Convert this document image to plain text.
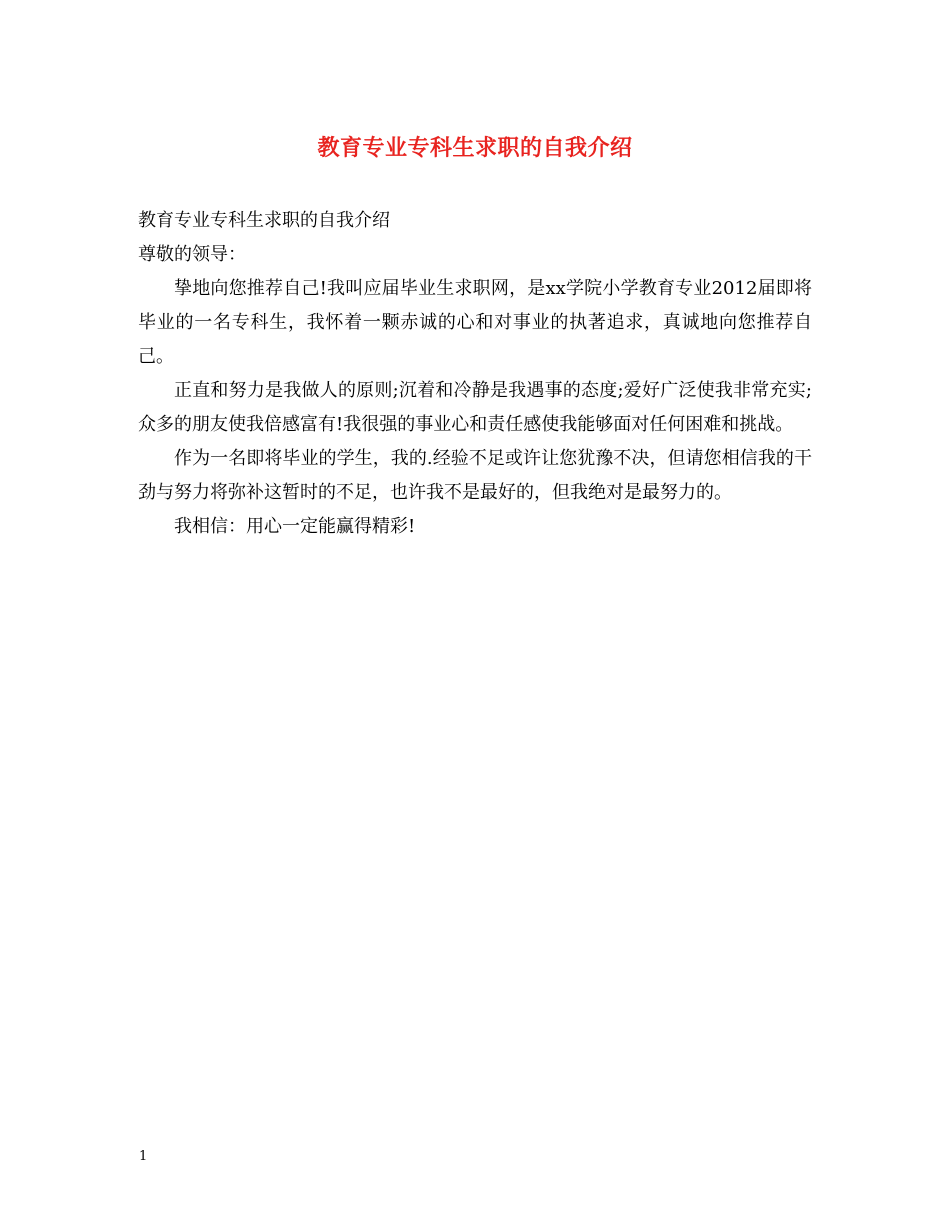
教育专业专科生求职的自我介绍

教育专业专科生求职的自我介绍

尊敬的领导：

挚地向您推荐自己!我叫应届毕业生求职网，是xx学院小学教育专业2012届即将毕业的一名专科生，我怀着一颗赤诚的心和对事业的执著追求，真诚地向您推荐自己。

正直和努力是我做人的原则;沉着和冷静是我遇事的态度;爱好广泛使我非常充实;众多的朋友使我倍感富有!我很强的事业心和责任感使我能够面对任何困难和挑战。

作为一名即将毕业的学生，我的.经验不足或许让您犹豫不决，但请您相信我的干劲与努力将弥补这暂时的不足，也许我不是最好的，但我绝对是最努力的。

我相信：用心一定能赢得精彩!

1
